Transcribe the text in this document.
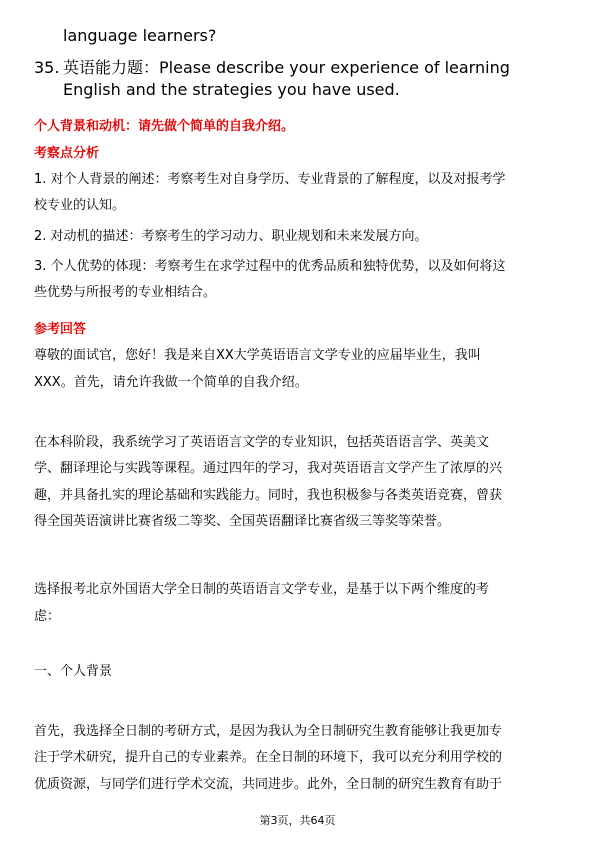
language learners?
35. 英语能力题：Please describe your experience of learning
English and the strategies you have used.
个人背景和动机：请先做个简单的自我介绍。
考察点分析
1. 对个人背景的阐述：考察考生对自身学历、专业背景的了解程度，以及对报考学
校专业的认知。
2. 对动机的描述：考察考生的学习动力、职业规划和未来发展方向。
3. 个人优势的体现：考察考生在求学过程中的优秀品质和独特优势，以及如何将这
些优势与所报考的专业相结合。
参考回答
尊敬的面试官，您好！我是来自XX大学英语语言文学专业的应届毕业生，我叫
XXX。首先，请允许我做一个简单的自我介绍。
在本科阶段，我系统学习了英语语言文学的专业知识，包括英语语言学、英美文
学、翻译理论与实践等课程。通过四年的学习，我对英语语言文学产生了浓厚的兴
趣，并具备扎实的理论基础和实践能力。同时，我也积极参与各类英语竞赛，曾获
得全国英语演讲比赛省级二等奖、全国英语翻译比赛省级三等奖等荣誉。
选择报考北京外国语大学全日制的英语语言文学专业，是基于以下两个维度的考
虑：
一、个人背景
首先，我选择全日制的考研方式，是因为我认为全日制研究生教育能够让我更加专
注于学术研究，提升自己的专业素养。在全日制的环境下，我可以充分利用学校的
优质资源，与同学们进行学术交流，共同进步。此外，全日制的研究生教育有助于
第3页，共64页
